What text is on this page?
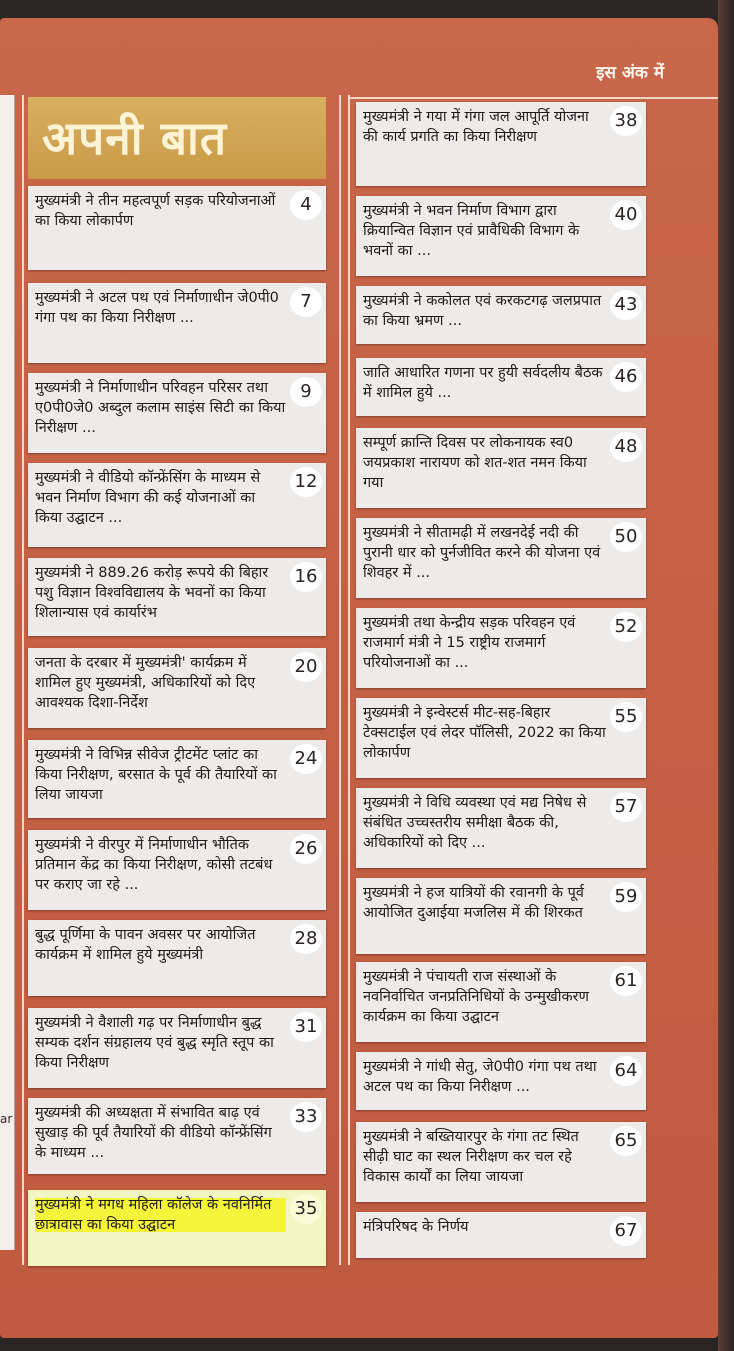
ar
इस अंक में
अपनी बात
मुख्यमंत्री ने तीन महत्वपूर्ण सड़क परियोजनाओं का किया लोकार्पण
4
मुख्यमंत्री ने अटल पथ एवं निर्माणाधीन जे0पी0 गंगा पथ का किया निरीक्षण ...
7
मुख्यमंत्री ने निर्माणाधीन परिवहन परिसर तथा ए0पी0जे0 अब्दुल कलाम साइंस सिटी का किया निरीक्षण ...
9
मुख्यमंत्री ने वीडियो कॉन्फ्रेंसिंग के माध्यम से भवन निर्माण विभाग की कई योजनाओं का किया उद्घाटन ...
12
मुख्यमंत्री ने 889.26 करोड़ रूपये की बिहार पशु विज्ञान विश्वविद्यालय के भवनों का किया शिलान्यास एवं कार्यारंभ
16
जनता के दरबार में मुख्यमंत्री' कार्यक्रम में शामिल हुए मुख्यमंत्री, अधिकारियों को दिए आवश्यक दिशा-निर्देश
20
मुख्यमंत्री ने विभिन्न सीवेज ट्रीटमेंट प्लांट का किया निरीक्षण, बरसात के पूर्व की तैयारियों का लिया जायजा
24
मुख्यमंत्री ने वीरपुर में निर्माणाधीन भौतिक प्रतिमान केंद्र का किया निरीक्षण, कोसी तटबंध पर कराए जा रहे ...
26
बुद्ध पूर्णिमा के पावन अवसर पर आयोजित कार्यक्रम में शामिल हुये मुख्यमंत्री
28
मुख्यमंत्री ने वैशाली गढ़ पर निर्माणाधीन बुद्ध सम्यक दर्शन संग्रहालय एवं बुद्ध स्मृति स्तूप का किया निरीक्षण
31
मुख्यमंत्री की अध्यक्षता में संभावित बाढ़ एवं सुखाड़ की पूर्व तैयारियों की वीडियो कॉन्फ्रेंसिंग के माध्यम ...
33
मुख्यमंत्री ने मगध महिला कॉलेज के नवनिर्मित छात्रावास का किया उद्घाटन
35
मुख्यमंत्री ने गया में गंगा जल आपूर्ति योजना की कार्य प्रगति का किया निरीक्षण
38
मुख्यमंत्री ने भवन निर्माण विभाग द्वारा क्रियान्वित विज्ञान एवं प्रावैधिकी विभाग के भवनों का ...
40
मुख्यमंत्री ने ककोलत एवं करकटगढ़ जलप्रपात का किया भ्रमण ...
43
जाति आधारित गणना पर हुयी सर्वदलीय बैठक में शामिल हुये ...
46
सम्पूर्ण क्रान्ति दिवस पर लोकनायक स्व0 जयप्रकाश नारायण को शत-शत नमन किया गया
48
मुख्यमंत्री ने सीतामढ़ी में लखनदेई नदी की पुरानी धार को पुर्नजीवित करने की योजना एवं शिवहर में ...
50
मुख्यमंत्री तथा केन्द्रीय सड़क परिवहन एवं राजमार्ग मंत्री ने 15 राष्ट्रीय राजमार्ग परियोजनाओं का ...
52
मुख्यमंत्री ने इन्वेस्टर्स मीट-सह-बिहार टेक्सटाईल एवं लेदर पॉलिसी, 2022 का किया लोकार्पण
55
मुख्यमंत्री ने विधि व्यवस्था एवं मद्य निषेध से संबंधित उच्चस्तरीय समीक्षा बैठक की, अधिकारियों को दिए ...
57
मुख्यमंत्री ने हज यात्रियों की रवानगी के पूर्व आयोजित दुआईया मजलिस में की शिरकत
59
मुख्यमंत्री ने पंचायती राज संस्थाओं के नवनिर्वाचित जनप्रतिनिधियों के उन्मुखीकरण कार्यक्रम का किया उद्घाटन
61
मुख्यमंत्री ने गांधी सेतु, जे0पी0 गंगा पथ तथा अटल पथ का किया निरीक्षण ...
64
मुख्यमंत्री ने बख्तियारपुर के गंगा तट स्थित सीढ़ी घाट का स्थल निरीक्षण कर चल रहे विकास कार्यों का लिया जायजा
65
मंत्रिपरिषद के निर्णय	67
